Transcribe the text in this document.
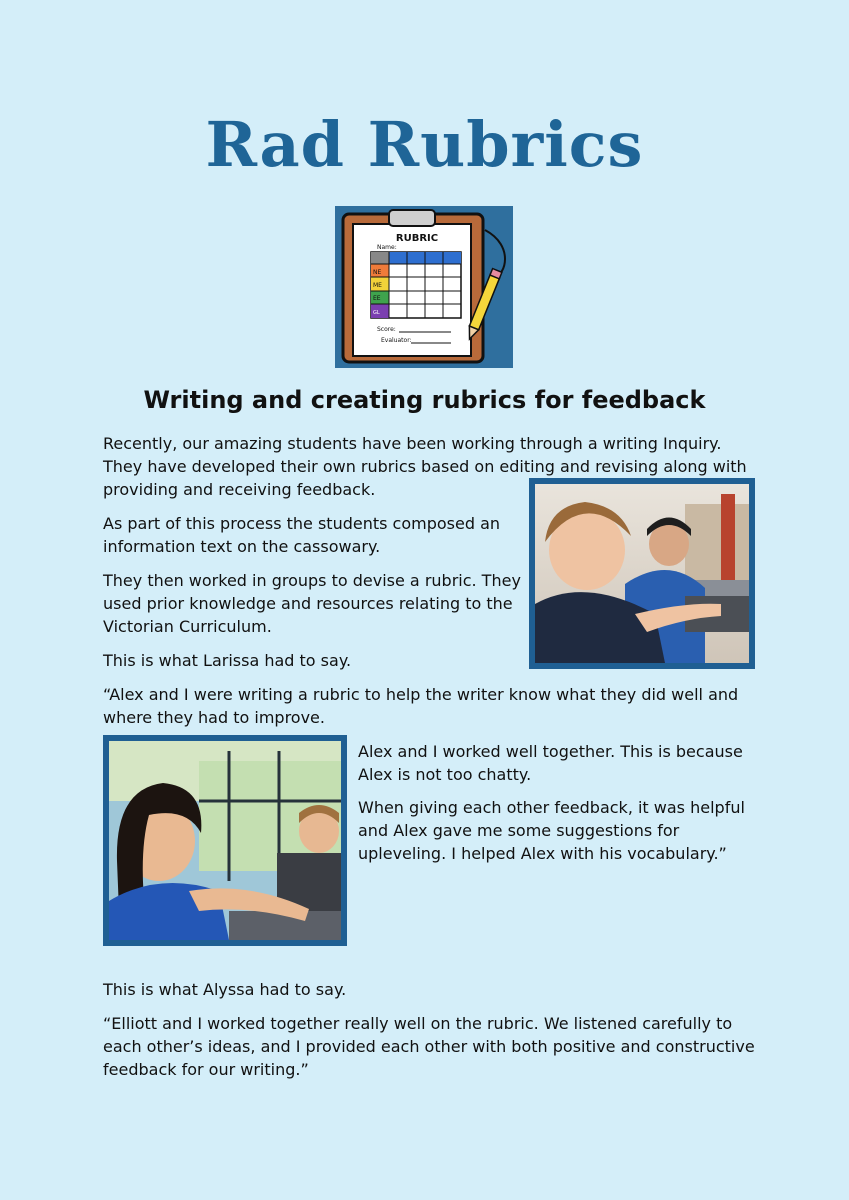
Rad Rubrics
RUBRIC
Name:
NE
ME
EE
GL
Score:
Evaluator:
Writing and creating rubrics for feedback

Recently, our amazing students have been working through a writing Inquiry. They have developed their own rubrics based on editing and revising along with providing and receiving feedback.

As part of this process the students composed an information text on the cassowary.

They then worked in groups to devise a rubric. They used prior knowledge and resources relating to the Victorian Curriculum.

This is what Larissa had to say.

“Alex and I were writing a rubric to help the writer know what they did well and where they had to improve.

Alex and I worked well together. This is because Alex is not too chatty.

When giving each other feedback, it was helpful and Alex gave me some suggestions for upleveling. I helped Alex with his vocabulary.”

This is what Alyssa had to say.

“Elliott and I worked together really well on the rubric. We listened carefully to each other’s ideas, and I provided each other with both positive and constructive feedback for our writing.”
